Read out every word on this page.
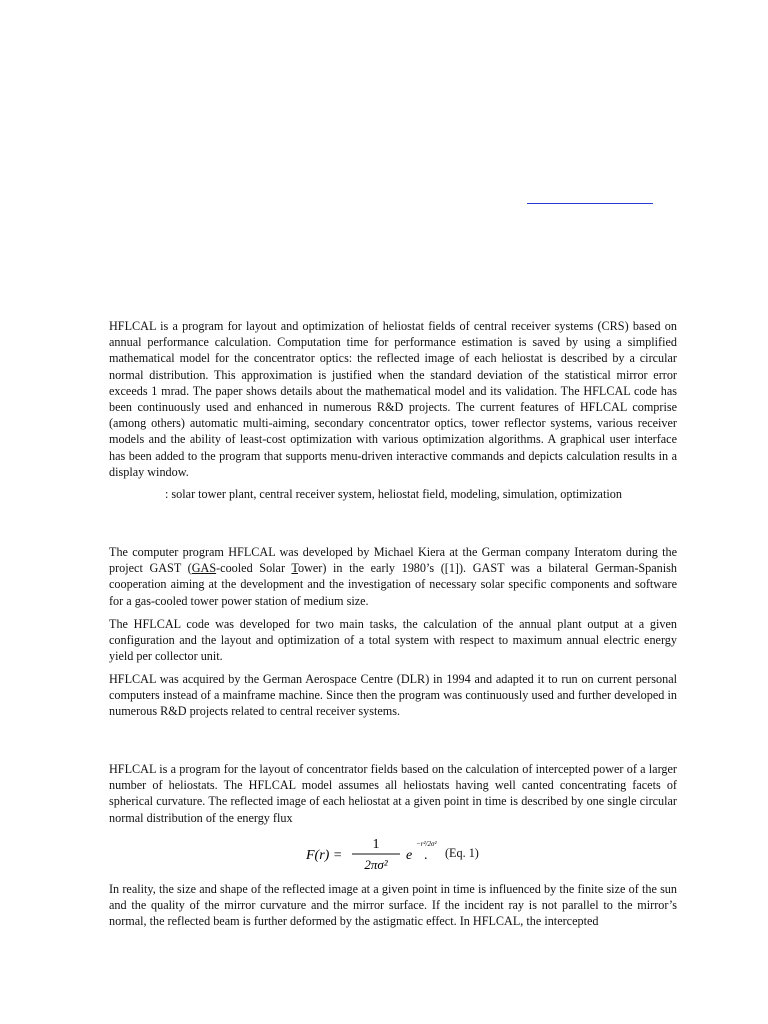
HFLCAL is a program for layout and optimization of heliostat fields of central receiver systems (CRS) based on annual performance calculation. Computation time for performance estimation is saved by using a simplified mathematical model for the concentrator optics: the reflected image of each heliostat is described by a circular normal distribution. This approximation is justified when the standard deviation of the statistical mirror error exceeds 1 mrad. The paper shows details about the mathematical model and its validation. The HFLCAL code has been continuously used and enhanced in numerous R&D projects. The current features of HFLCAL comprise (among others) automatic multi-aiming, secondary concentrator optics, tower reflector systems, various receiver models and the ability of least-cost optimization with various optimization algorithms. A graphical user interface has been added to the program that supports menu-driven interactive commands and depicts calculation results in a display window.

: solar tower plant, central receiver system, heliostat field, modeling, simulation, optimization

The computer program HFLCAL was developed by Michael Kiera at the German company Interatom during the project GAST (GAS-cooled Solar Tower) in the early 1980’s ([1]). GAST was a bilateral German-Spanish cooperation aiming at the development and the investigation of necessary solar specific components and software for a gas-cooled tower power station of medium size.

The HFLCAL code was developed for two main tasks, the calculation of the annual plant output at a given configuration and the layout and optimization of a total system with respect to maximum annual electric energy yield per collector unit.

HFLCAL was acquired by the German Aerospace Centre (DLR) in 1994 and adapted it to run on current personal computers instead of a mainframe machine. Since then the program was continuously used and further developed in numerous R&D projects related to central receiver systems.

HFLCAL is a program for the layout of concentrator fields based on the calculation of intercepted power of a larger number of heliostats. The HFLCAL model assumes all heliostats having well canted concentrating facets of spherical curvature. The reflected image of each heliostat at a given point in time is described by one single circular normal distribution of the energy flux

F(r) =
1
2πσ²
e
−r²/2σ²
. (Eq. 1)

In reality, the size and shape of the reflected image at a given point in time is influenced by the finite size of the sun and the quality of the mirror curvature and the mirror surface. If the incident ray is not parallel to the mirror’s normal, the reflected beam is further deformed by the astigmatic effect. In HFLCAL, the intercepted
